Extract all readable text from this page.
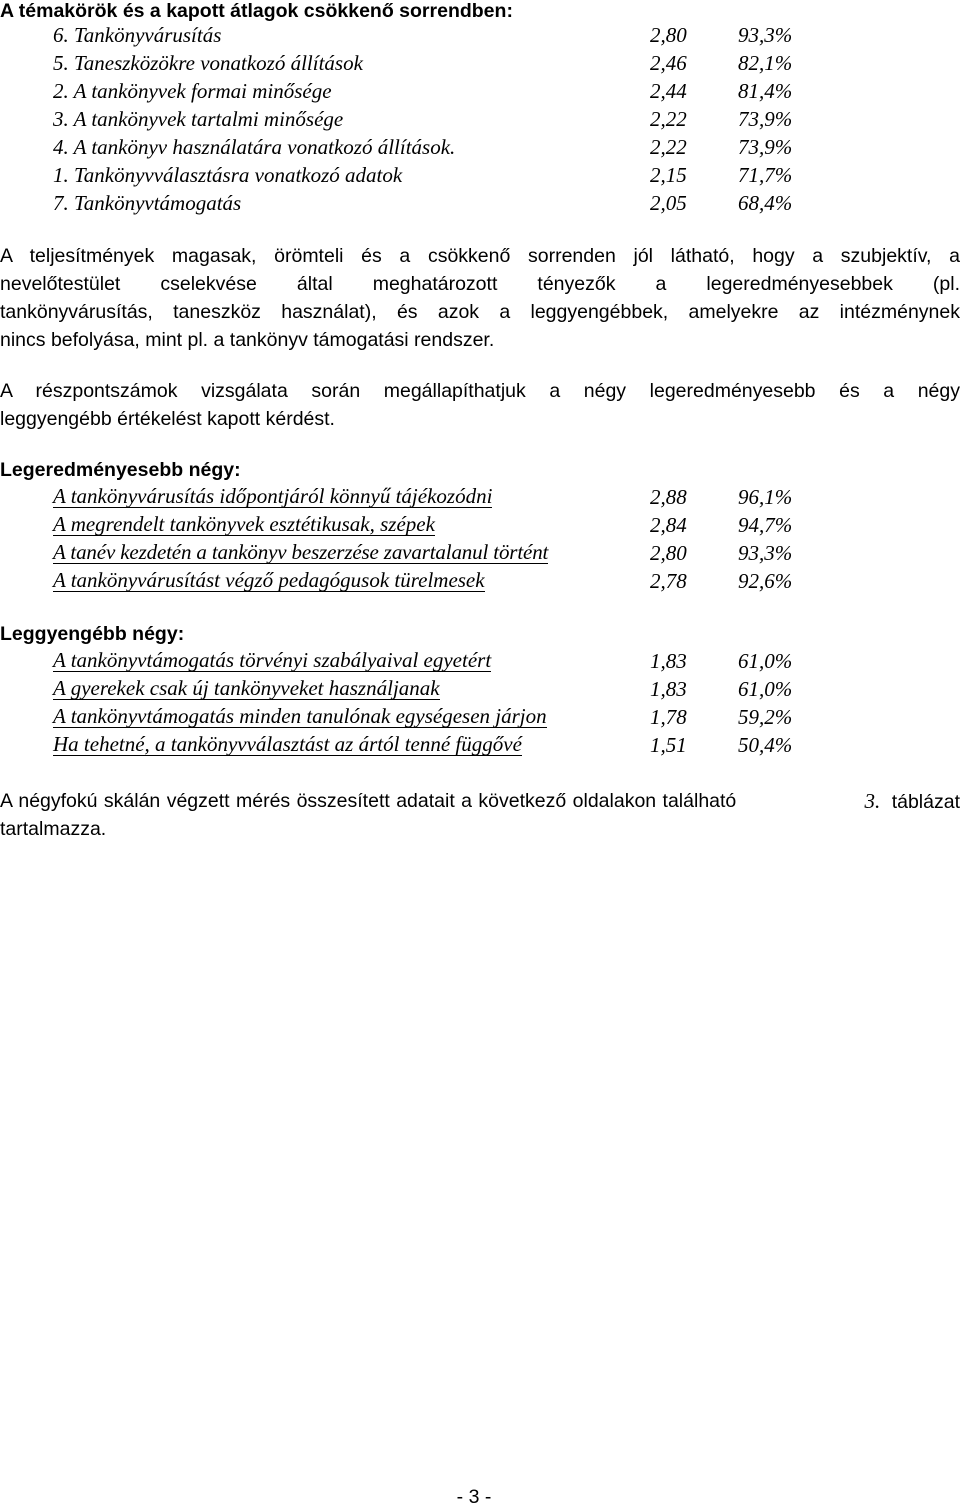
A témakörök és a kapott átlagok csökkenő sorrendben:
6. Tankönyvárusítás	2,80 93,3%
5. Taneszközökre vonatkozó állítások	2,46 82,1%
2. A tankönyvek formai minősége	2,44 81,4%
3. A tankönyvek tartalmi minősége	2,22 73,9%
4. A tankönyv használatára vonatkozó állítások.	2,22 73,9%
1. Tankönyvválasztásra vonatkozó adatok	2,15 71,7%
7. Tankönyvtámogatás	2,05 68,4%
A teljesítmények magasak, örömteli és a csökkenő sorrenden jól látható, hogy a szubjektív, a
nevelőtestület cselekvése által meghatározott tényezők a legeredményesebbek (pl.
tankönyvárusítás, taneszköz használat), és azok a leggyengébbek, amelyekre az intézménynek
nincs befolyása, mint pl. a tankönyv támogatási rendszer.
A részpontszámok vizsgálata során megállapíthatjuk a négy legeredményesebb és a négy
leggyengébb értékelést kapott kérdést.
Legeredményesebb négy:
A tankönyvárusítás időpontjáról könnyű tájékozódni	2,88 96,1%
A megrendelt tankönyvek esztétikusak, szépek	2,84 94,7%
A tanév kezdetén a tankönyv beszerzése zavartalanul történt	2,80 93,3%
A tankönyvárusítást végző pedagógusok türelmesek	2,78 92,6%
Leggyengébb négy:
A tankönyvtámogatás törvényi szabályaival egyetért	1,83 61,0%
A gyerekek csak új tankönyveket használjanak	1,83 61,0%
A tankönyvtámogatás minden tanulónak egységesen járjon	1,78 59,2%
Ha tehetné, a tankönyvválasztást az ártól tenné függővé	1,51 50,4%
A négyfokú skálán végzett mérés összesített adatait a következő oldalakon található	3. táblázat
tartalmazza.
- 3 -
